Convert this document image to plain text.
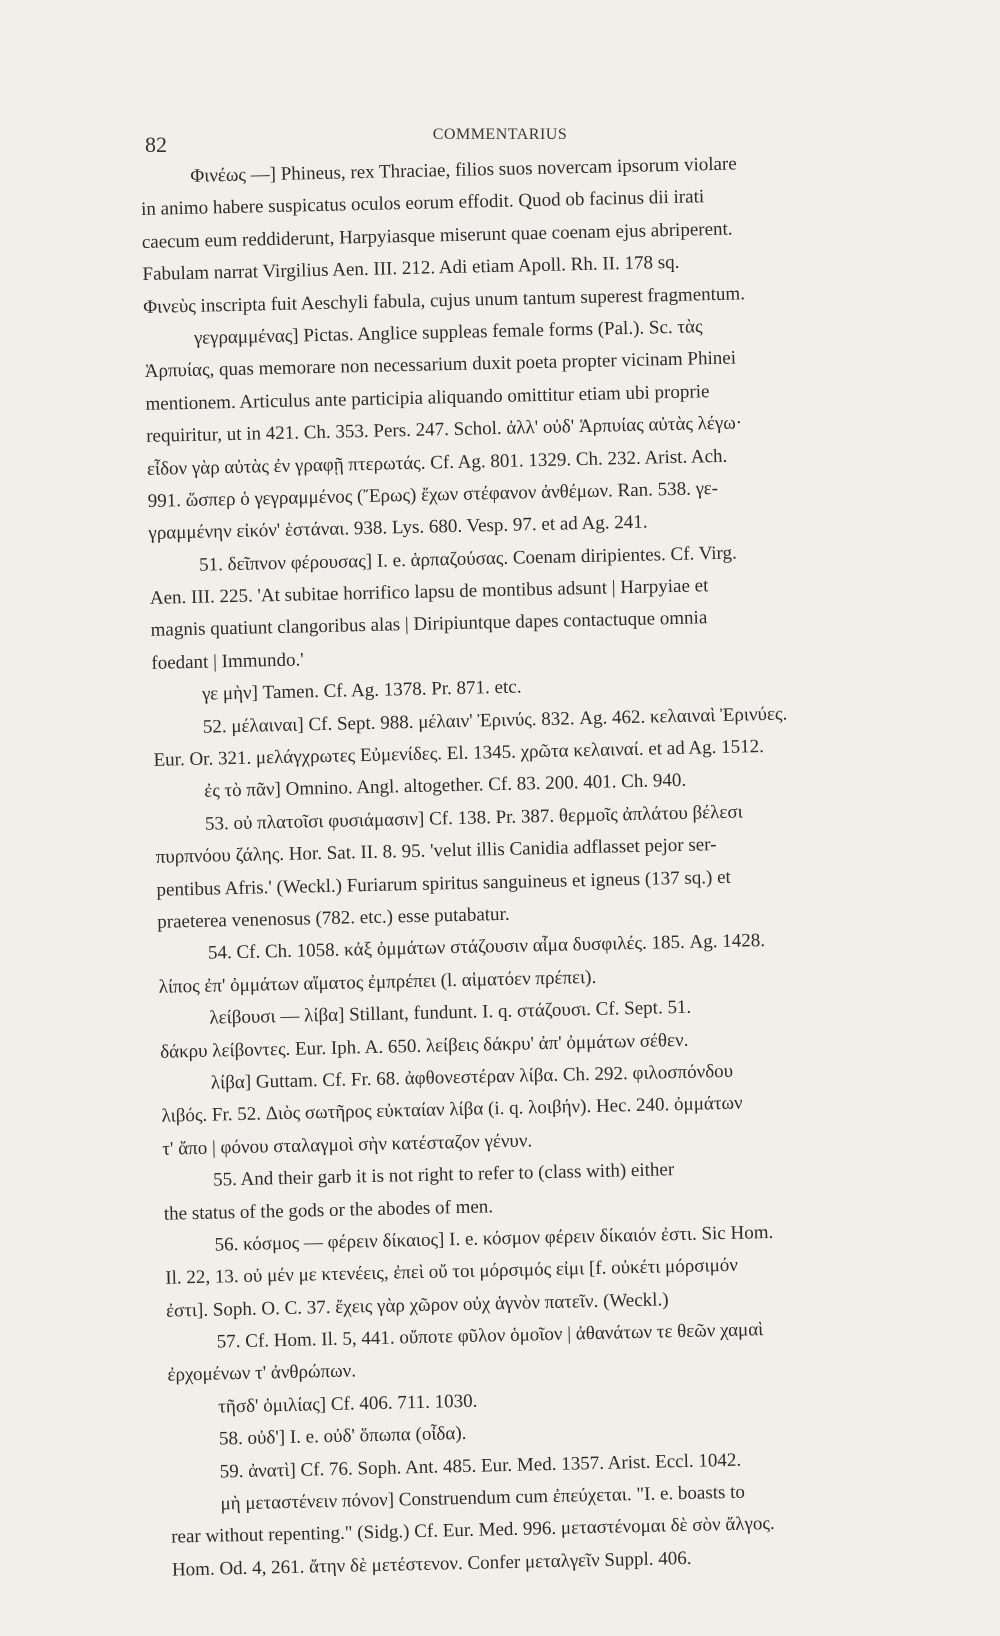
82	COMMENTARIUS
Φινέως —] Phineus, rex Thraciae, filios suos novercam ipsorum violare
in animo habere suspicatus oculos eorum effodit. Quod ob facinus dii irati
caecum eum reddiderunt, Harpyiasque miserunt quae coenam ejus abriperent.
Fabulam narrat Virgilius Aen. III. 212. Adi etiam Apoll. Rh. II. 178 sq.
Φινεὺς inscripta fuit Aeschyli fabula, cujus unum tantum superest fragmentum.
γεγραμμένας] Pictas. Anglice suppleas female forms (Pal.). Sc. τὰς
Ἁρπυίας, quas memorare non necessarium duxit poeta propter vicinam Phinei
mentionem. Articulus ante participia aliquando omittitur etiam ubi proprie
requiritur, ut in 421. Ch. 353. Pers. 247. Schol. ἀλλ' οὐδ' Ἁρπυίας αὐτὰς λέγω·
εἶδον γὰρ αὐτὰς ἐν γραφῇ πτερωτάς. Cf. Ag. 801. 1329. Ch. 232. Arist. Ach.
991. ὥσπερ ὁ γεγραμμένος (Ἔρως) ἔχων στέφανον ἀνθέμων. Ran. 538. γε-
γραμμένην εἰκόν' ἑστάναι. 938. Lys. 680. Vesp. 97. et ad Ag. 241.
51. δεῖπνον φέρουσας] I. e. ἁρπαζούσας. Coenam diripientes. Cf. Virg.
Aen. III. 225. 'At subitae horrifico lapsu de montibus adsunt | Harpyiae et
magnis quatiunt clangoribus alas | Diripiuntque dapes contactuque omnia
foedant | Immundo.'
γε μὴν] Tamen. Cf. Ag. 1378. Pr. 871. etc.
52. μέλαιναι] Cf. Sept. 988. μέλαιν' Ἐρινύς. 832. Ag. 462. κελαιναὶ Ἐρινύες.
Eur. Or. 321. μελάγχρωτες Εὐμενίδες. El. 1345. χρῶτα κελαιναί. et ad Ag. 1512.
ἐς τὸ πᾶν] Omnino. Angl. altogether. Cf. 83. 200. 401. Ch. 940.
53. οὐ πλατοῖσι φυσιάμασιν] Cf. 138. Pr. 387. θερμοῖς ἀπλάτου βέλεσι
πυρπνόου ζάλης. Hor. Sat. II. 8. 95. 'velut illis Canidia adflasset pejor ser-
pentibus Afris.' (Weckl.) Furiarum spiritus sanguineus et igneus (137 sq.) et
praeterea venenosus (782. etc.) esse putabatur.
54. Cf. Ch. 1058. κἀξ ὀμμάτων στάζουσιν αἷμα δυσφιλές. 185. Ag. 1428.
λίπος ἐπ' ὀμμάτων αἵματος ἐμπρέπει (l. αἱματόεν πρέπει).
λείβουσι — λίβα] Stillant, fundunt. I. q. στάζουσι. Cf. Sept. 51.
δάκρυ λείβοντες. Eur. Iph. A. 650. λείβεις δάκρυ' ἀπ' ὀμμάτων σέθεν.
λίβα] Guttam. Cf. Fr. 68. ἀφθονεστέραν λίβα. Ch. 292. φιλοσπόνδου
λιβός. Fr. 52. Διὸς σωτῆρος εὐκταίαν λίβα (i. q. λοιβήν). Hec. 240. ὀμμάτων
τ' ἄπο | φόνου σταλαγμοὶ σὴν κατέσταζον γένυν.
55. And their garb it is not right to refer to (class with) either
the status of the gods or the abodes of men.
56. κόσμος — φέρειν δίκαιος] I. e. κόσμον φέρειν δίκαιόν ἐστι. Sic Hom.
Il. 22, 13. οὐ μέν με κτενέεις, ἐπεὶ οὔ τοι μόρσιμός εἰμι [f. οὐκέτι μόρσιμόν
ἐστι]. Soph. O. C. 37. ἔχεις γὰρ χῶρον οὐχ ἁγνὸν πατεῖν. (Weckl.)
57. Cf. Hom. Il. 5, 441. οὔποτε φῦλον ὁμοῖον | ἀθανάτων τε θεῶν χαμαὶ
ἐρχομένων τ' ἀνθρώπων.
τῆσδ' ὁμιλίας] Cf. 406. 711. 1030.
58. οὐδ'] I. e. οὐδ' ὅπωπα (οἶδα).
59. ἀνατὶ] Cf. 76. Soph. Ant. 485. Eur. Med. 1357. Arist. Eccl. 1042.
μὴ μεταστένειν πόνον] Construendum cum ἐπεύχεται. "I. e. boasts to
rear without repenting." (Sidg.) Cf. Eur. Med. 996. μεταστένομαι δὲ σὸν ἄλγος.
Hom. Od. 4, 261. ἄτην δὲ μετέστενον. Confer μεταλγεῖν Suppl. 406.
